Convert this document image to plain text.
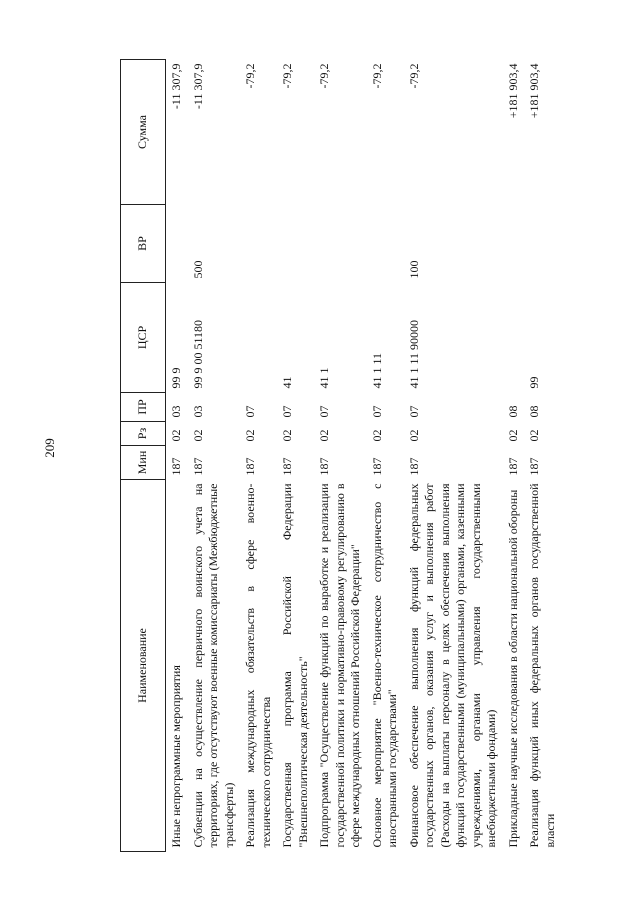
209
Наименование	Мин	Рз	ПР	ЦСР	ВР	Сумма
Иные непрограммные мероприятия	187	02	03	99 9		-11 307,9
Субвенции на осуществление первичного воинского учета на территориях, где отсутствуют военные комиссариаты (Межбюджетные трансферты)	187	02	03	99 9 00 51180	500	-11 307,9
Реализация международных обязательств в сфере военно-технического сотрудничества	187	02	07			-79,2
Государственная программа Российской Федерации "Внешнеполитическая деятельность"	187	02	07	41		-79,2
Подпрограмма "Осуществление функций по выработке и реализации государственной политики и нормативно-правовому регулированию в сфере международных отношений Российской Федерации"	187	02	07	41 1		-79,2
Основное мероприятие "Военно-техническое сотрудничество с иностранными государствами"	187	02	07	41 1 11		-79,2
Финансовое обеспечение выполнения функций федеральных государственных органов, оказания услуг и выполнения работ (Расходы на выплаты персоналу в целях обеспечения выполнения функций государственными (муниципальными) органами, казенными учреждениями, органами управления государственными внебюджетными фондами)	187	02	07	41 1 11 90000	100	-79,2
Прикладные научные исследования в области национальной обороны	187	02	08			+181 903,4
Реализация функций иных федеральных органов государственной власти	187	02	08	99		+181 903,4
